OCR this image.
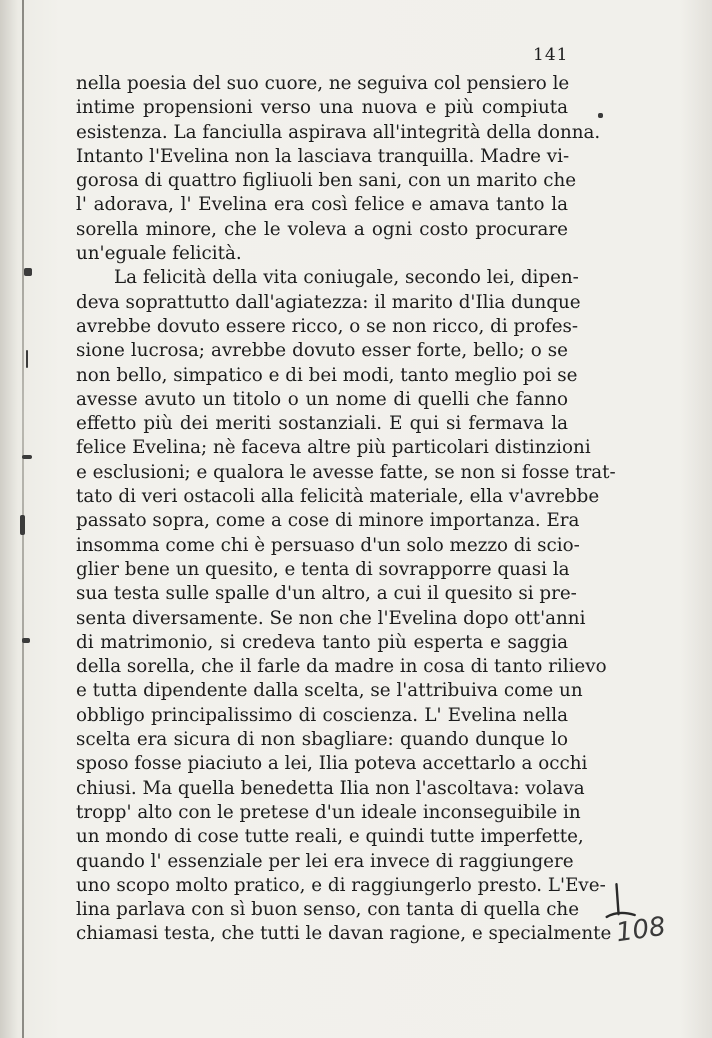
141
nella poesia del suo cuore, ne seguiva col pensiero le
intime propensioni verso una nuova e più compiuta
esistenza. La fanciulla aspirava all'integrità della donna.
Intanto l'Evelina non la lasciava tranquilla. Madre vi-
gorosa di quattro figliuoli ben sani, con un marito che
l' adorava, l' Evelina era così felice e amava tanto la
sorella minore, che le voleva a ogni costo procurare
un'eguale felicità.
La felicità della vita coniugale, secondo lei, dipen-
deva soprattutto dall'agiatezza: il marito d'Ilia dunque
avrebbe dovuto essere ricco, o se non ricco, di profes-
sione lucrosa; avrebbe dovuto esser forte, bello; o se
non bello, simpatico e di bei modi, tanto meglio poi se
avesse avuto un titolo o un nome di quelli che fanno
effetto più dei meriti sostanziali. E qui si fermava la
felice Evelina; nè faceva altre più particolari distinzioni
e esclusioni; e qualora le avesse fatte, se non si fosse trat-
tato di veri ostacoli alla felicità materiale, ella v'avrebbe
passato sopra, come a cose di minore importanza. Era
insomma come chi è persuaso d'un solo mezzo di scio-
glier bene un quesito, e tenta di sovrapporre quasi la
sua testa sulle spalle d'un altro, a cui il quesito si pre-
senta diversamente. Se non che l'Evelina dopo ott'anni
di matrimonio, si credeva tanto più esperta e saggia
della sorella, che il farle da madre in cosa di tanto rilievo
e tutta dipendente dalla scelta, se l'attribuiva come un
obbligo principalissimo di coscienza. L' Evelina nella
scelta era sicura di non sbagliare: quando dunque lo
sposo fosse piaciuto a lei, Ilia poteva accettarlo a occhi
chiusi. Ma quella benedetta Ilia non l'ascoltava: volava
tropp' alto con le pretese d'un ideale inconseguibile in
un mondo di cose tutte reali, e quindi tutte imperfette,
quando l' essenziale per lei era invece di raggiungere
uno scopo molto pratico, e di raggiungerlo presto. L'Eve-
lina parlava con sì buon senso, con tanta di quella che
chiamasi testa, che tutti le davan ragione, e specialmente 108
